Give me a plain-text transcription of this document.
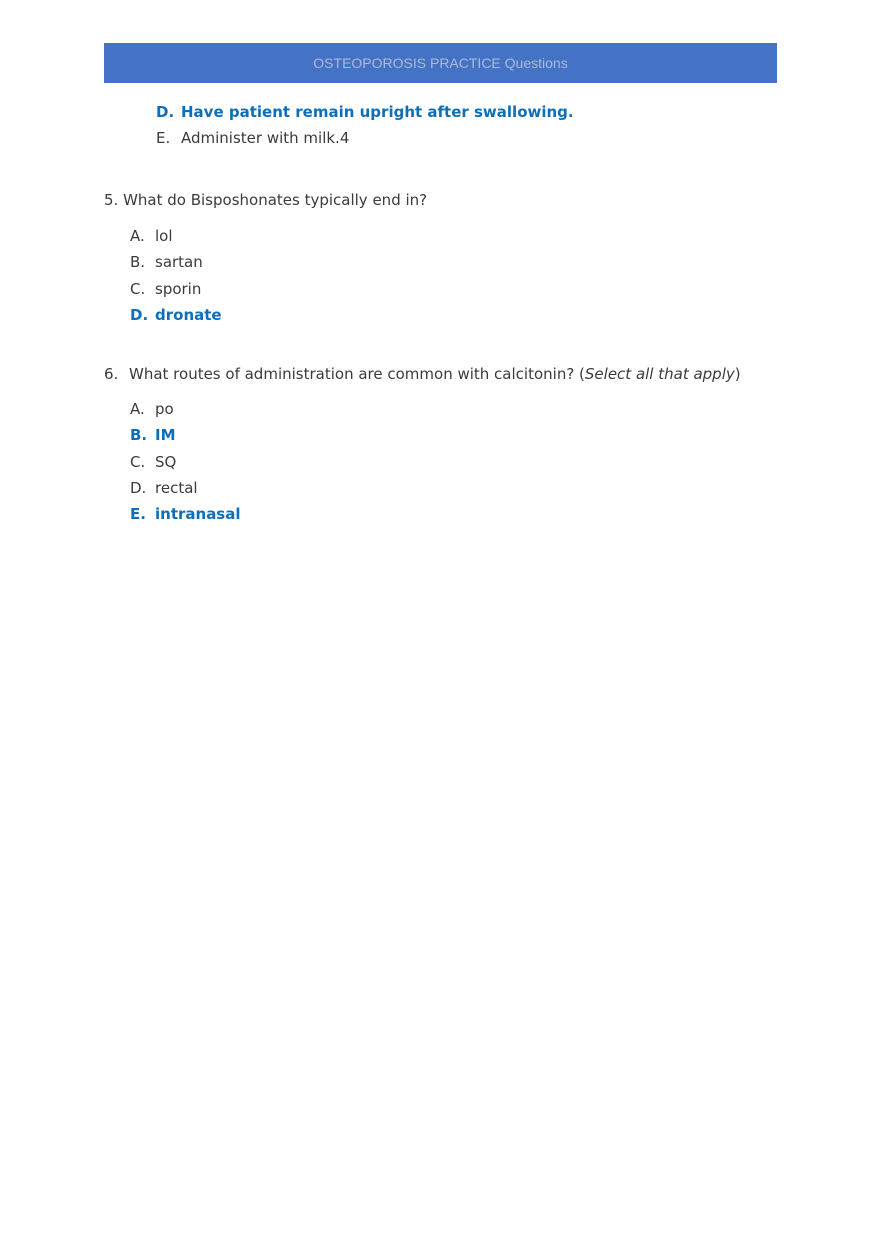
OSTEOPOROSIS PRACTICE Questions
D. Have patient remain upright after swallowing.
E. Administer with milk.4
5. What do Bisposhonates typically end in?
A. lol
B. sartan
C. sporin
D. dronate
6. What routes of administration are common with calcitonin? (Select all that apply)
A. po
B. IM
C. SQ
D. rectal
E. intranasal
